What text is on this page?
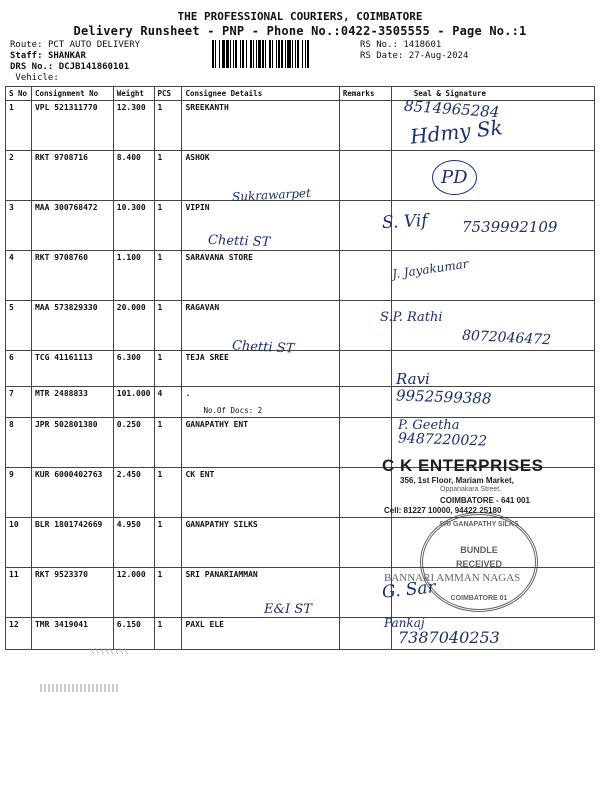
THE PROFESSIONAL COURIERS, COIMBATORE
Delivery Runsheet - PNP - Phone No.:0422-3505555 - Page No.:1
Route: PCT AUTO DELIVERY
Staff: SHANKAR
DRS No.: DCJB141860101
Vehicle:
RS No.: 1418601
RS Date: 27-Aug-2024
S No	Consignment No	Weight	PCS	Consignee Details	Remarks	Seal & Signature
1	VPL 521311770	12.300	1	SREEKANTH		
2	RKT 9708716	8.400	1	ASHOK		
3	MAA 300768472	10.300	1	VIPIN		
4	RKT 9708760	1.100	1	SARAVANA STORE		
5	MAA 573829330	20.000	1	RAGAVAN		
6	TCG 41161113	6.300	1	TEJA SREE		
7	MTR 2488833	101.000	4	.
No.Of Docs: 2		

8	JPR 502801380	0.250	1	GANAPATHY ENT		
9	KUR 6000402763	2.450	1	CK ENT		
10	BLR 1801742669	4.950	1	GANAPATHY SILKS		
11	RKT 9523370	12.000	1	SRI PANARIAMMAN		
12	TMR 3419041	6.150	1	PAXL ELE		
8514965284
Hdmy Sk
PD
Sukrawarpet
S. Vif 7539992109
Chetti ST
J. Jayakumar
S.P. Rathi
8072046472
Chetti ST
Ravi
9952599388
P. Geetha
9487220022
G. Sar
E&I ST
Pankaj
7387040253
C K ENTERPRISES
356, 1st Floor, Mariam Market,
Oppanakara Street,
COIMBATORE - 641 001
Cell: 81227 10000, 94422 25180
SRI GANAPATHY SILKS
BUNDLE
RECEIVED
COIMBATORE 01
BANNARI AMMAN NAGAS
\\\\\\\\
